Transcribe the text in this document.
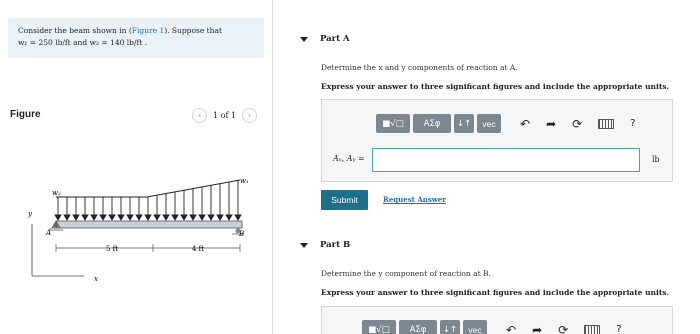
Consider the beam shown in (Figure 1). Suppose that
w₁ = 250 lb/ft and w₂ = 140 lb/ft .
Figure	‹	1 of 1	›
w₂
w₁
A	B
5 ft	4 ft
y
x
Part A
Determine the x and y components of reaction at A.
Express your answer to three significant figures and include the appropriate units.
■√□	AΣφ	↓↑	vec	↶ ➦ ⟳	?
Aₓ, Aᵧ =	lb
Submit	Request Answer
Part B
Determine the y component of reaction at B.
Express your answer to three significant figures and include the appropriate units.
■√□	AΣφ	↓↑	vec	↶ ➦ ⟳	?
